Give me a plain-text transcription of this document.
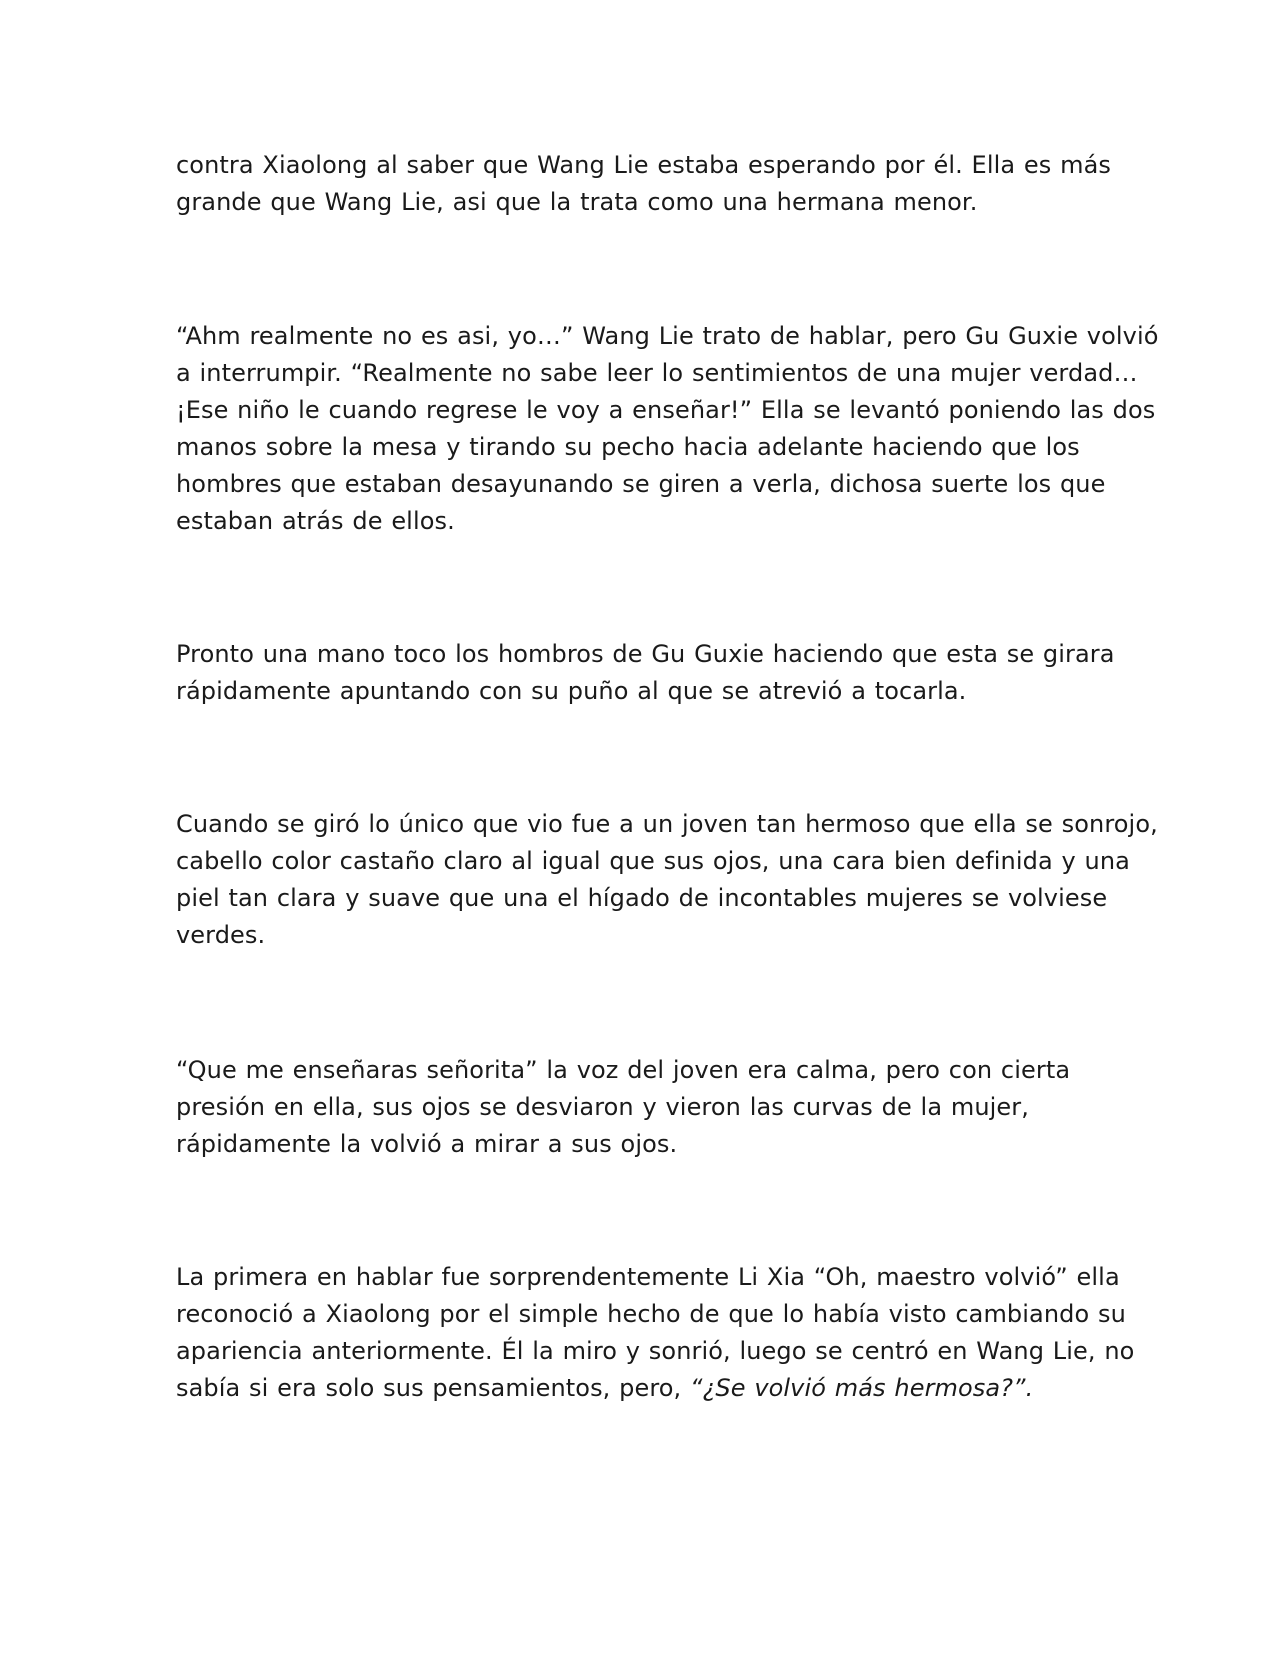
contra Xiaolong al saber que Wang Lie estaba esperando por él. Ella es más
grande que Wang Lie, asi que la trata como una hermana menor.

“Ahm realmente no es asi, yo…” Wang Lie trato de hablar, pero Gu Guxie volvió
a interrumpir. “Realmente no sabe leer lo sentimientos de una mujer verdad…
¡Ese niño le cuando regrese le voy a enseñar!” Ella se levantó poniendo las dos
manos sobre la mesa y tirando su pecho hacia adelante haciendo que los
hombres que estaban desayunando se giren a verla, dichosa suerte los que
estaban atrás de ellos.

Pronto una mano toco los hombros de Gu Guxie haciendo que esta se girara
rápidamente apuntando con su puño al que se atrevió a tocarla.

Cuando se giró lo único que vio fue a un joven tan hermoso que ella se sonrojo,
cabello color castaño claro al igual que sus ojos, una cara bien definida y una
piel tan clara y suave que una el hígado de incontables mujeres se volviese
verdes.

“Que me enseñaras señorita” la voz del joven era calma, pero con cierta
presión en ella, sus ojos se desviaron y vieron las curvas de la mujer,
rápidamente la volvió a mirar a sus ojos.

La primera en hablar fue sorprendentemente Li Xia “Oh, maestro volvió” ella
reconoció a Xiaolong por el simple hecho de que lo había visto cambiando su
apariencia anteriormente. Él la miro y sonrió, luego se centró en Wang Lie, no
sabía si era solo sus pensamientos, pero, “¿Se volvió más hermosa?”.
